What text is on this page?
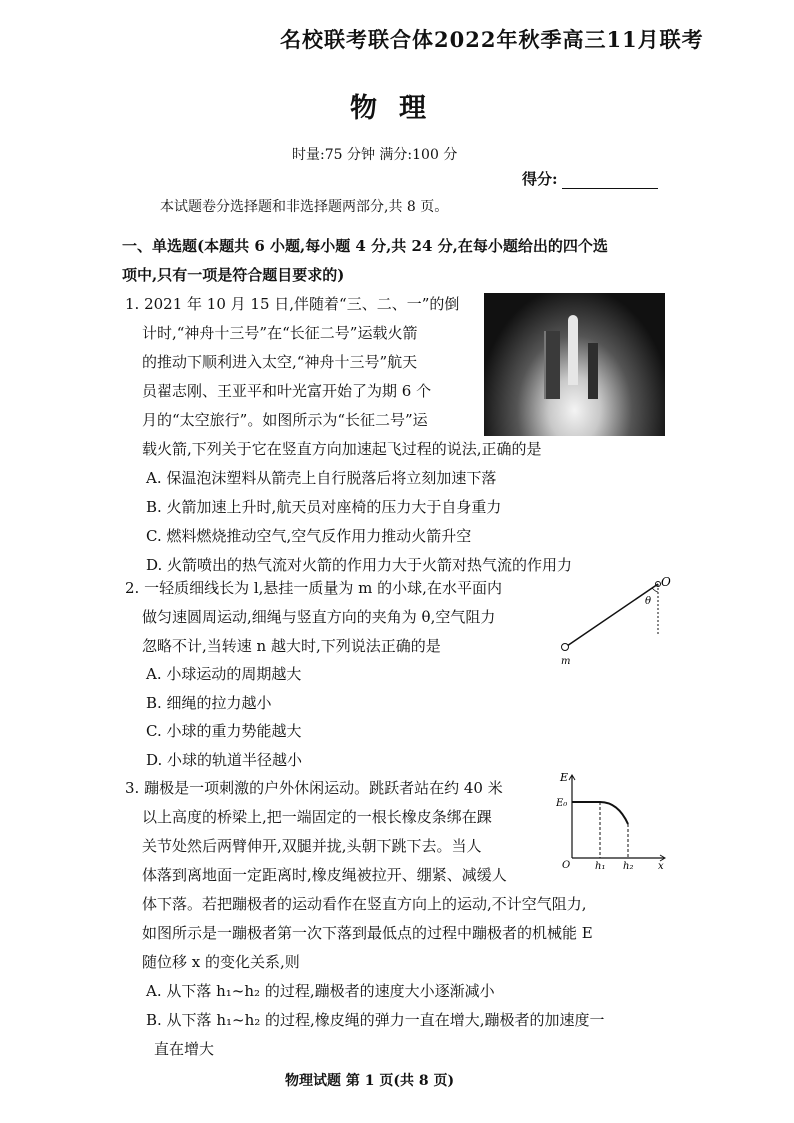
名校联考联合体2022年秋季高三11月联考
物理
时量:75 分钟 满分:100 分
得分:
本试题卷分选择题和非选择题两部分,共 8 页。
一、单选题(本题共 6 小题,每小题 4 分,共 24 分,在每小题给出的四个选
项中,只有一项是符合题目要求的)
1. 2021 年 10 月 15 日,伴随着“三、二、一”的倒
计时,“神舟十三号”在“长征二号”运载火箭
的推动下顺利进入太空,“神舟十三号”航天
员翟志刚、王亚平和叶光富开始了为期 6 个
月的“太空旅行”。如图所示为“长征二号”运
载火箭,下列关于它在竖直方向加速起飞过程的说法,正确的是
A. 保温泡沫塑料从箭壳上自行脱落后将立刻加速下落
B. 火箭加速上升时,航天员对座椅的压力大于自身重力
C. 燃料燃烧推动空气,空气反作用力推动火箭升空
D. 火箭喷出的热气流对火箭的作用力大于火箭对热气流的作用力
2. 一轻质细线长为 l,悬挂一质量为 m 的小球,在水平面内
做匀速圆周运动,细绳与竖直方向的夹角为 θ,空气阻力
忽略不计,当转速 n 越大时,下列说法正确的是
A. 小球运动的周期越大
B. 细绳的拉力越小
C. 小球的重力势能越大
D. 小球的轨道半径越小
O
θ
m
3. 蹦极是一项刺激的户外休闲运动。跳跃者站在约 40 米
以上高度的桥梁上,把一端固定的一根长橡皮条绑在踝
关节处然后两臂伸开,双腿并拢,头朝下跳下去。当人
体落到离地面一定距离时,橡皮绳被拉开、绷紧、减缓人
体下落。若把蹦极者的运动看作在竖直方向上的运动,不计空气阻力,
如图所示是一蹦极者第一次下落到最低点的过程中蹦极者的机械能 E
随位移 x 的变化关系,则
A. 从下落 h₁~h₂ 的过程,蹦极者的速度大小逐渐减小
B. 从下落 h₁~h₂ 的过程,橡皮绳的弹力一直在增大,蹦极者的加速度一
直在增大
E
E₀
O h₁ h₂ x
物理试题 第 1 页(共 8 页)
